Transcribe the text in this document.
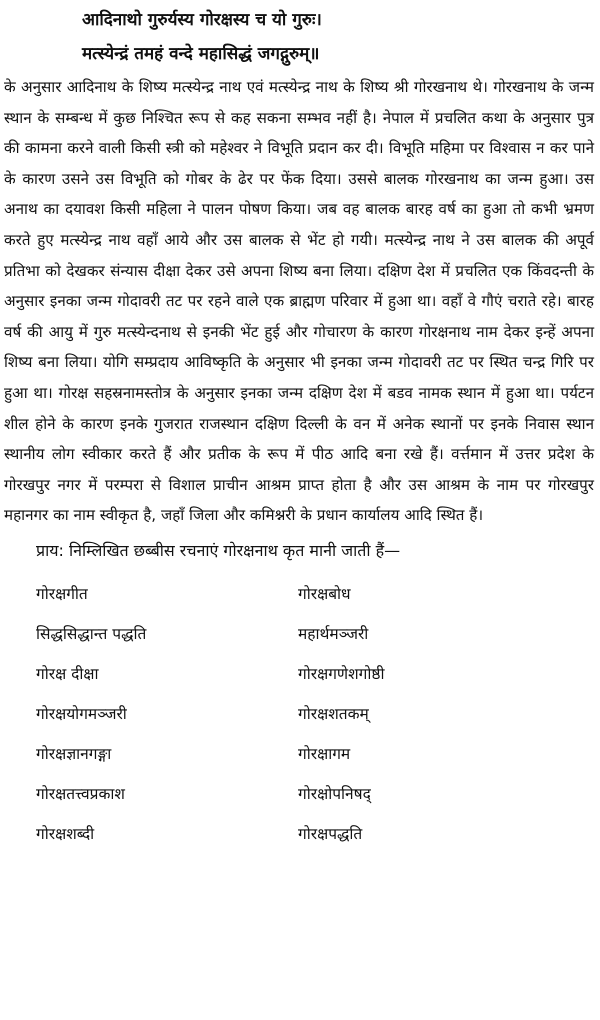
आदिनाथो गुरुर्यस्य गोरक्षस्य च यो गुरुः।
मत्स्येन्द्रं तमहं वन्दे महासिद्धं जगद्गुरुम्॥

के अनुसार आदिनाथ के शिष्य मत्स्येन्द्र नाथ एवं मत्स्येन्द्र नाथ के शिष्य श्री गोरखनाथ थे। गोरखनाथ के जन्म स्थान के सम्बन्ध में कुछ निश्चित रूप से कह सकना सम्भव नहीं है। नेपाल में प्रचलित कथा के अनुसार पुत्र की कामना करने वाली किसी स्त्री को महेश्वर ने विभूति प्रदान कर दी। विभूति महिमा पर विश्वास न कर पाने के कारण उसने उस विभूति को गोबर के ढेर पर फेंक दिया। उससे बालक गोरखनाथ का जन्म हुआ। उस अनाथ का दयावश किसी महिला ने पालन पोषण किया। जब वह बालक बारह वर्ष का हुआ तो कभी भ्रमण करते हुए मत्स्येन्द्र नाथ वहाँ आये और उस बालक से भेंट हो गयी। मत्स्येन्द्र नाथ ने उस बालक की अपूर्व प्रतिभा को देखकर संन्यास दीक्षा देकर उसे अपना शिष्य बना लिया। दक्षिण देश में प्रचलित एक किंवदन्ती के अनुसार इनका जन्म गोदावरी तट पर रहने वाले एक ब्राह्मण परिवार में हुआ था। वहाँ वे गौएं चराते रहे। बारह वर्ष की आयु में गुरु मत्स्येन्दनाथ से इनकी भेंट हुई और गोचारण के कारण गोरक्षनाथ नाम देकर इन्हें अपना शिष्य बना लिया। योगि सम्प्रदाय आविष्कृति के अनुसार भी इनका जन्म गोदावरी तट पर स्थित चन्द्र गिरि पर हुआ था। गोरक्ष सहस्रनामस्तोत्र के अनुसार इनका जन्म दक्षिण देश में बडव नामक स्थान में हुआ था। पर्यटन शील होने के कारण इनके गुजरात राजस्थान दक्षिण दिल्ली के वन में अनेक स्थानों पर इनके निवास स्थान स्थानीय लोग स्वीकार करते हैं और प्रतीक के रूप में पीठ आदि बना रखे हैं। वर्त्तमान में उत्तर प्रदेश के गोरखपुर नगर में परम्परा से विशाल प्राचीन आश्रम प्राप्त होता है और उस आश्रम के नाम पर गोरखपुर महानगर का नाम स्वीकृत है, जहाँ जिला और कमिश्नरी के प्रधान कार्यालय आदि स्थित हैं।

प्राय: निम्लिखित छब्बीस रचनाएं गोरक्षनाथ कृत मानी जाती हैं—
गोरक्षगीत	गोरक्षबोध
सिद्धसिद्धान्त पद्धति	महार्थमञ्जरी
गोरक्ष दीक्षा	गोरक्षगणेशगोष्ठी
गोरक्षयोगमञ्जरी	गोरक्षशतकम्
गोरक्षज्ञानगङ्गा	गोरक्षागम
गोरक्षतत्त्वप्रकाश	गोरक्षोपनिषद्
गोरक्षशब्दी	गोरक्षपद्धति
